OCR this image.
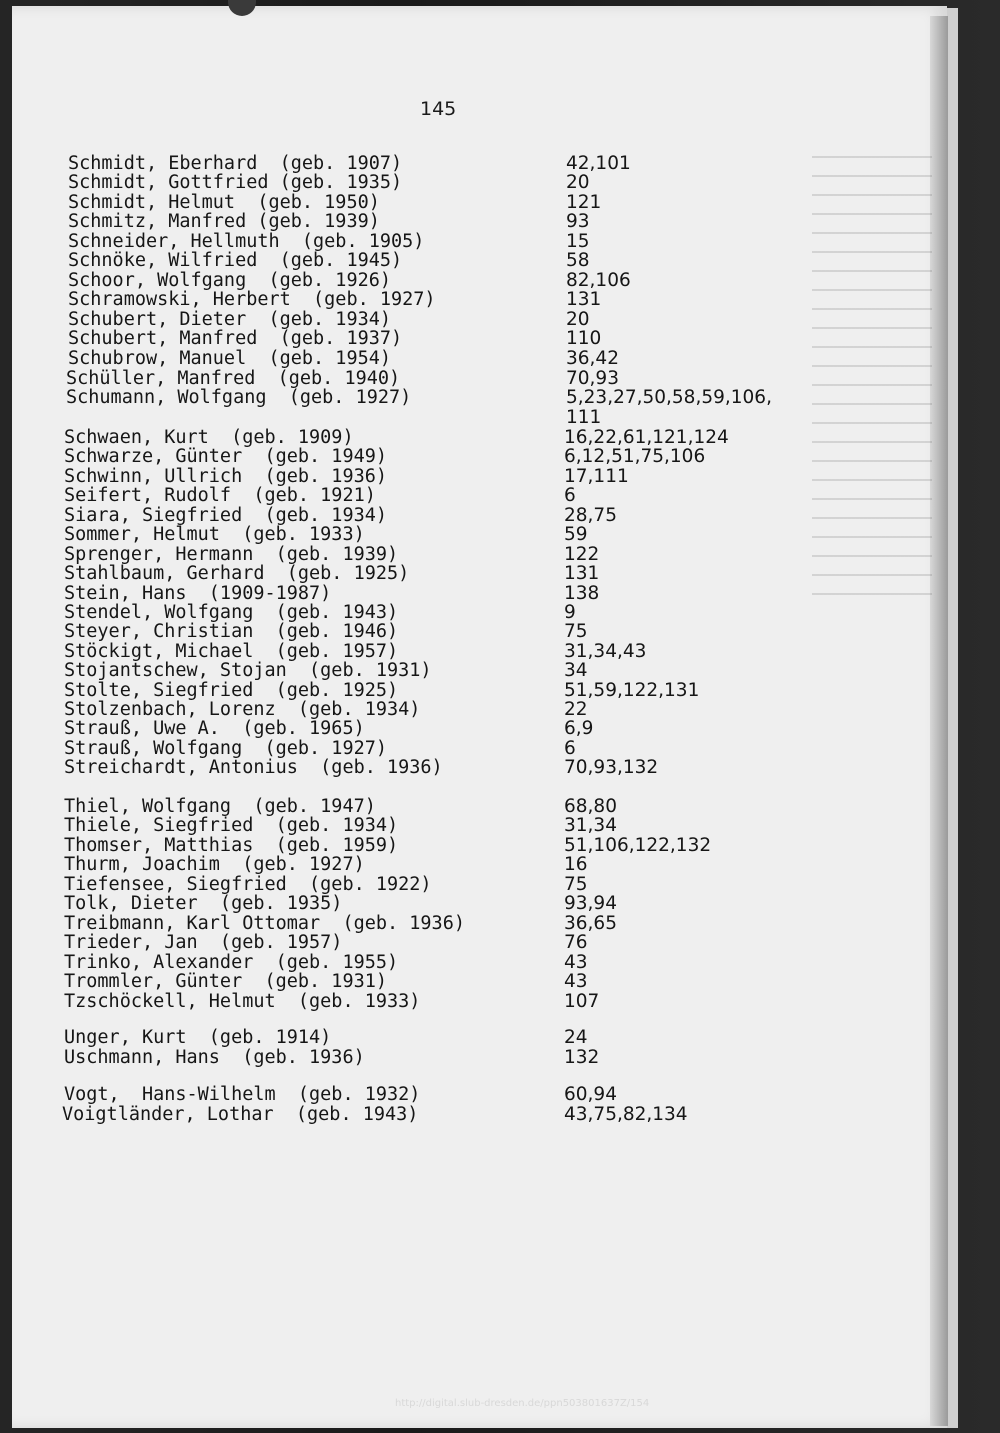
145
Schmidt, Eberhard  (geb. 1907)	42,101
Schmidt, Gottfried (geb. 1935)	20
Schmidt, Helmut  (geb. 1950)	121
Schmitz, Manfred (geb. 1939)	93
Schneider, Hellmuth  (geb. 1905)	15
Schnöke, Wilfried  (geb. 1945)	58
Schoor, Wolfgang  (geb. 1926)	82,106
Schramowski, Herbert  (geb. 1927)	131
Schubert, Dieter  (geb. 1934)	20
Schubert, Manfred  (geb. 1937)	110
Schubrow, Manuel  (geb. 1954)	36,42
Schüller, Manfred  (geb. 1940)	70,93
Schumann, Wolfgang  (geb. 1927)	5,23,27,50,58,59,106,
111
Schwaen, Kurt  (geb. 1909)	16,22,61,121,124
Schwarze, Günter  (geb. 1949)	6,12,51,75,106
Schwinn, Ullrich  (geb. 1936)	17,111
Seifert, Rudolf  (geb. 1921)	6
Siara, Siegfried  (geb. 1934)	28,75
Sommer, Helmut  (geb. 1933)	59
Sprenger, Hermann  (geb. 1939)	122
Stahlbaum, Gerhard  (geb. 1925)	131
Stein, Hans  (1909-1987)	138
Stendel, Wolfgang  (geb. 1943)	9
Steyer, Christian  (geb. 1946)	75
Stöckigt, Michael  (geb. 1957)	31,34,43
Stojantschew, Stojan  (geb. 1931)	34
Stolte, Siegfried  (geb. 1925)	51,59,122,131
Stolzenbach, Lorenz  (geb. 1934)	22
Strauß, Uwe A.  (geb. 1965)	6,9
Strauß, Wolfgang  (geb. 1927)	6
Streichardt, Antonius  (geb. 1936)	70,93,132
Thiel, Wolfgang  (geb. 1947)	68,80
Thiele, Siegfried  (geb. 1934)	31,34
Thomser, Matthias  (geb. 1959)	51,106,122,132
Thurm, Joachim  (geb. 1927)	16
Tiefensee, Siegfried  (geb. 1922)	75
Tolk, Dieter  (geb. 1935)	93,94
Treibmann, Karl Ottomar  (geb. 1936)	36,65
Trieder, Jan  (geb. 1957)	76
Trinko, Alexander  (geb. 1955)	43
Trommler, Günter  (geb. 1931)	43
Tzschöckell, Helmut  (geb. 1933)	107
Unger, Kurt  (geb. 1914)	24
Uschmann, Hans  (geb. 1936)	132
Vogt,  Hans-Wilhelm  (geb. 1932)	60,94
Voigtländer, Lothar  (geb. 1943)	43,75,82,134
http://digital.slub-dresden.de/ppn503801637Z/154
